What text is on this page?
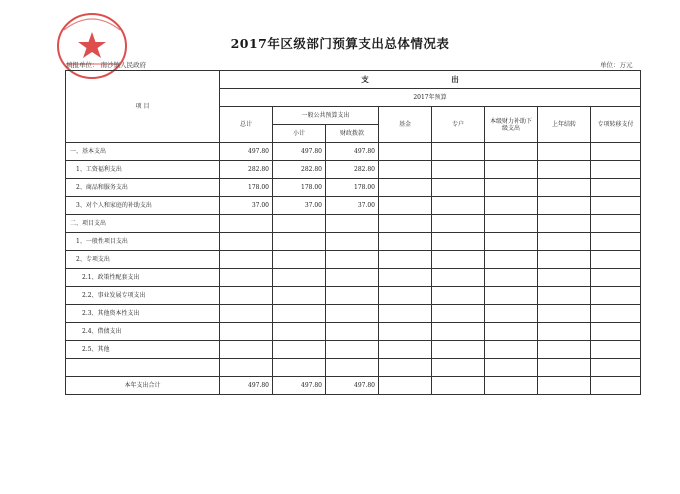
2017年区级部门预算支出总体情况表
填报单位： 南沙镇人民政府	单位：万元
项 目	支 出							
	2017年预算							
	总计	一般公共预算支出		基金	专户	本级财力补助下级支出	上年结转	专项转移支付
		小计	财政拨款					
一、基本支出	497.80	497.80	497.80					
1、工资福利支出	282.80	282.80	282.80					
2、商品和服务支出	178.00	178.00	178.00					
3、对个人和家庭的补助支出	37.00	37.00	37.00					
二、项目支出								
1、一般性项目支出								
2、专项支出								
2.1、政策性配套支出								
2.2、事业发展专项支出								
2.3、其他资本性支出								
2.4、借债支出								
2.5、其他								

本年支出合计	497.80	497.80	497.80					
